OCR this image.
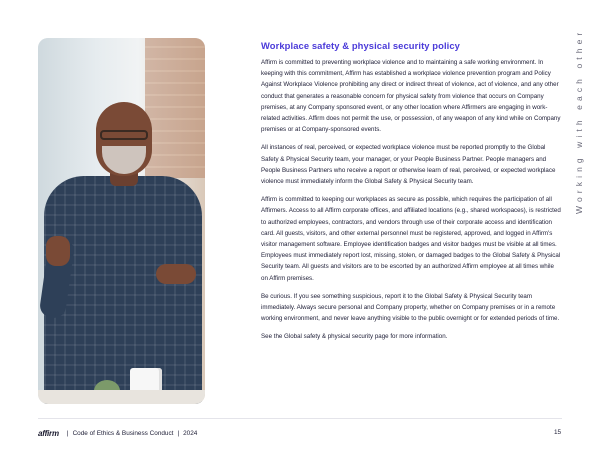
Workplace safety & physical security policy

Affirm is committed to preventing workplace violence and to maintaining a safe working environment. In keeping with this commitment, Affirm has established a workplace violence prevention program and Policy Against Workplace Violence prohibiting any direct or indirect threat of violence, act of violence, and any other conduct that generates a reasonable concern for physical safety from violence that occurs on Company premises, at any Company sponsored event, or any other location where Affirmers are engaging in work-related activities. Affirm does not permit the use, or possession, of any weapon of any kind while on Company premises or at Company-sponsored events.

All instances of real, perceived, or expected workplace violence must be reported promptly to the Global Safety & Physical Security team, your manager, or your People Business Partner. People managers and People Business Partners who receive a report or otherwise learn of real, perceived, or expected workplace violence must immediately inform the Global Safety & Physical Security team.

Affirm is committed to keeping our workplaces as secure as possible, which requires the participation of all Affirmers. Access to all Affirm corporate offices, and affiliated locations (e.g., shared workspaces), is restricted to authorized employees, contractors, and vendors through use of their corporate access and identification card. All guests, visitors, and other external personnel must be registered, approved, and logged in Affirm's visitor management software. Employee identification badges and visitor badges must be visible at all times. Employees must immediately report lost, missing, stolen, or damaged badges to the Global Safety & Physical Security team. All guests and visitors are to be escorted by an authorized Affirm employee at all times while on Affirm premises.

Be curious. If you see something suspicious, report it to the Global Safety & Physical Security team immediately. Always secure personal and Company property, whether on Company premises or in a remote working environment, and never leave anything visible to the public overnight or for extended periods of time.

See the Global safety & physical security page for more information.

Working with each other
affirm | Code of Ethics & Business Conduct | 2024	15
